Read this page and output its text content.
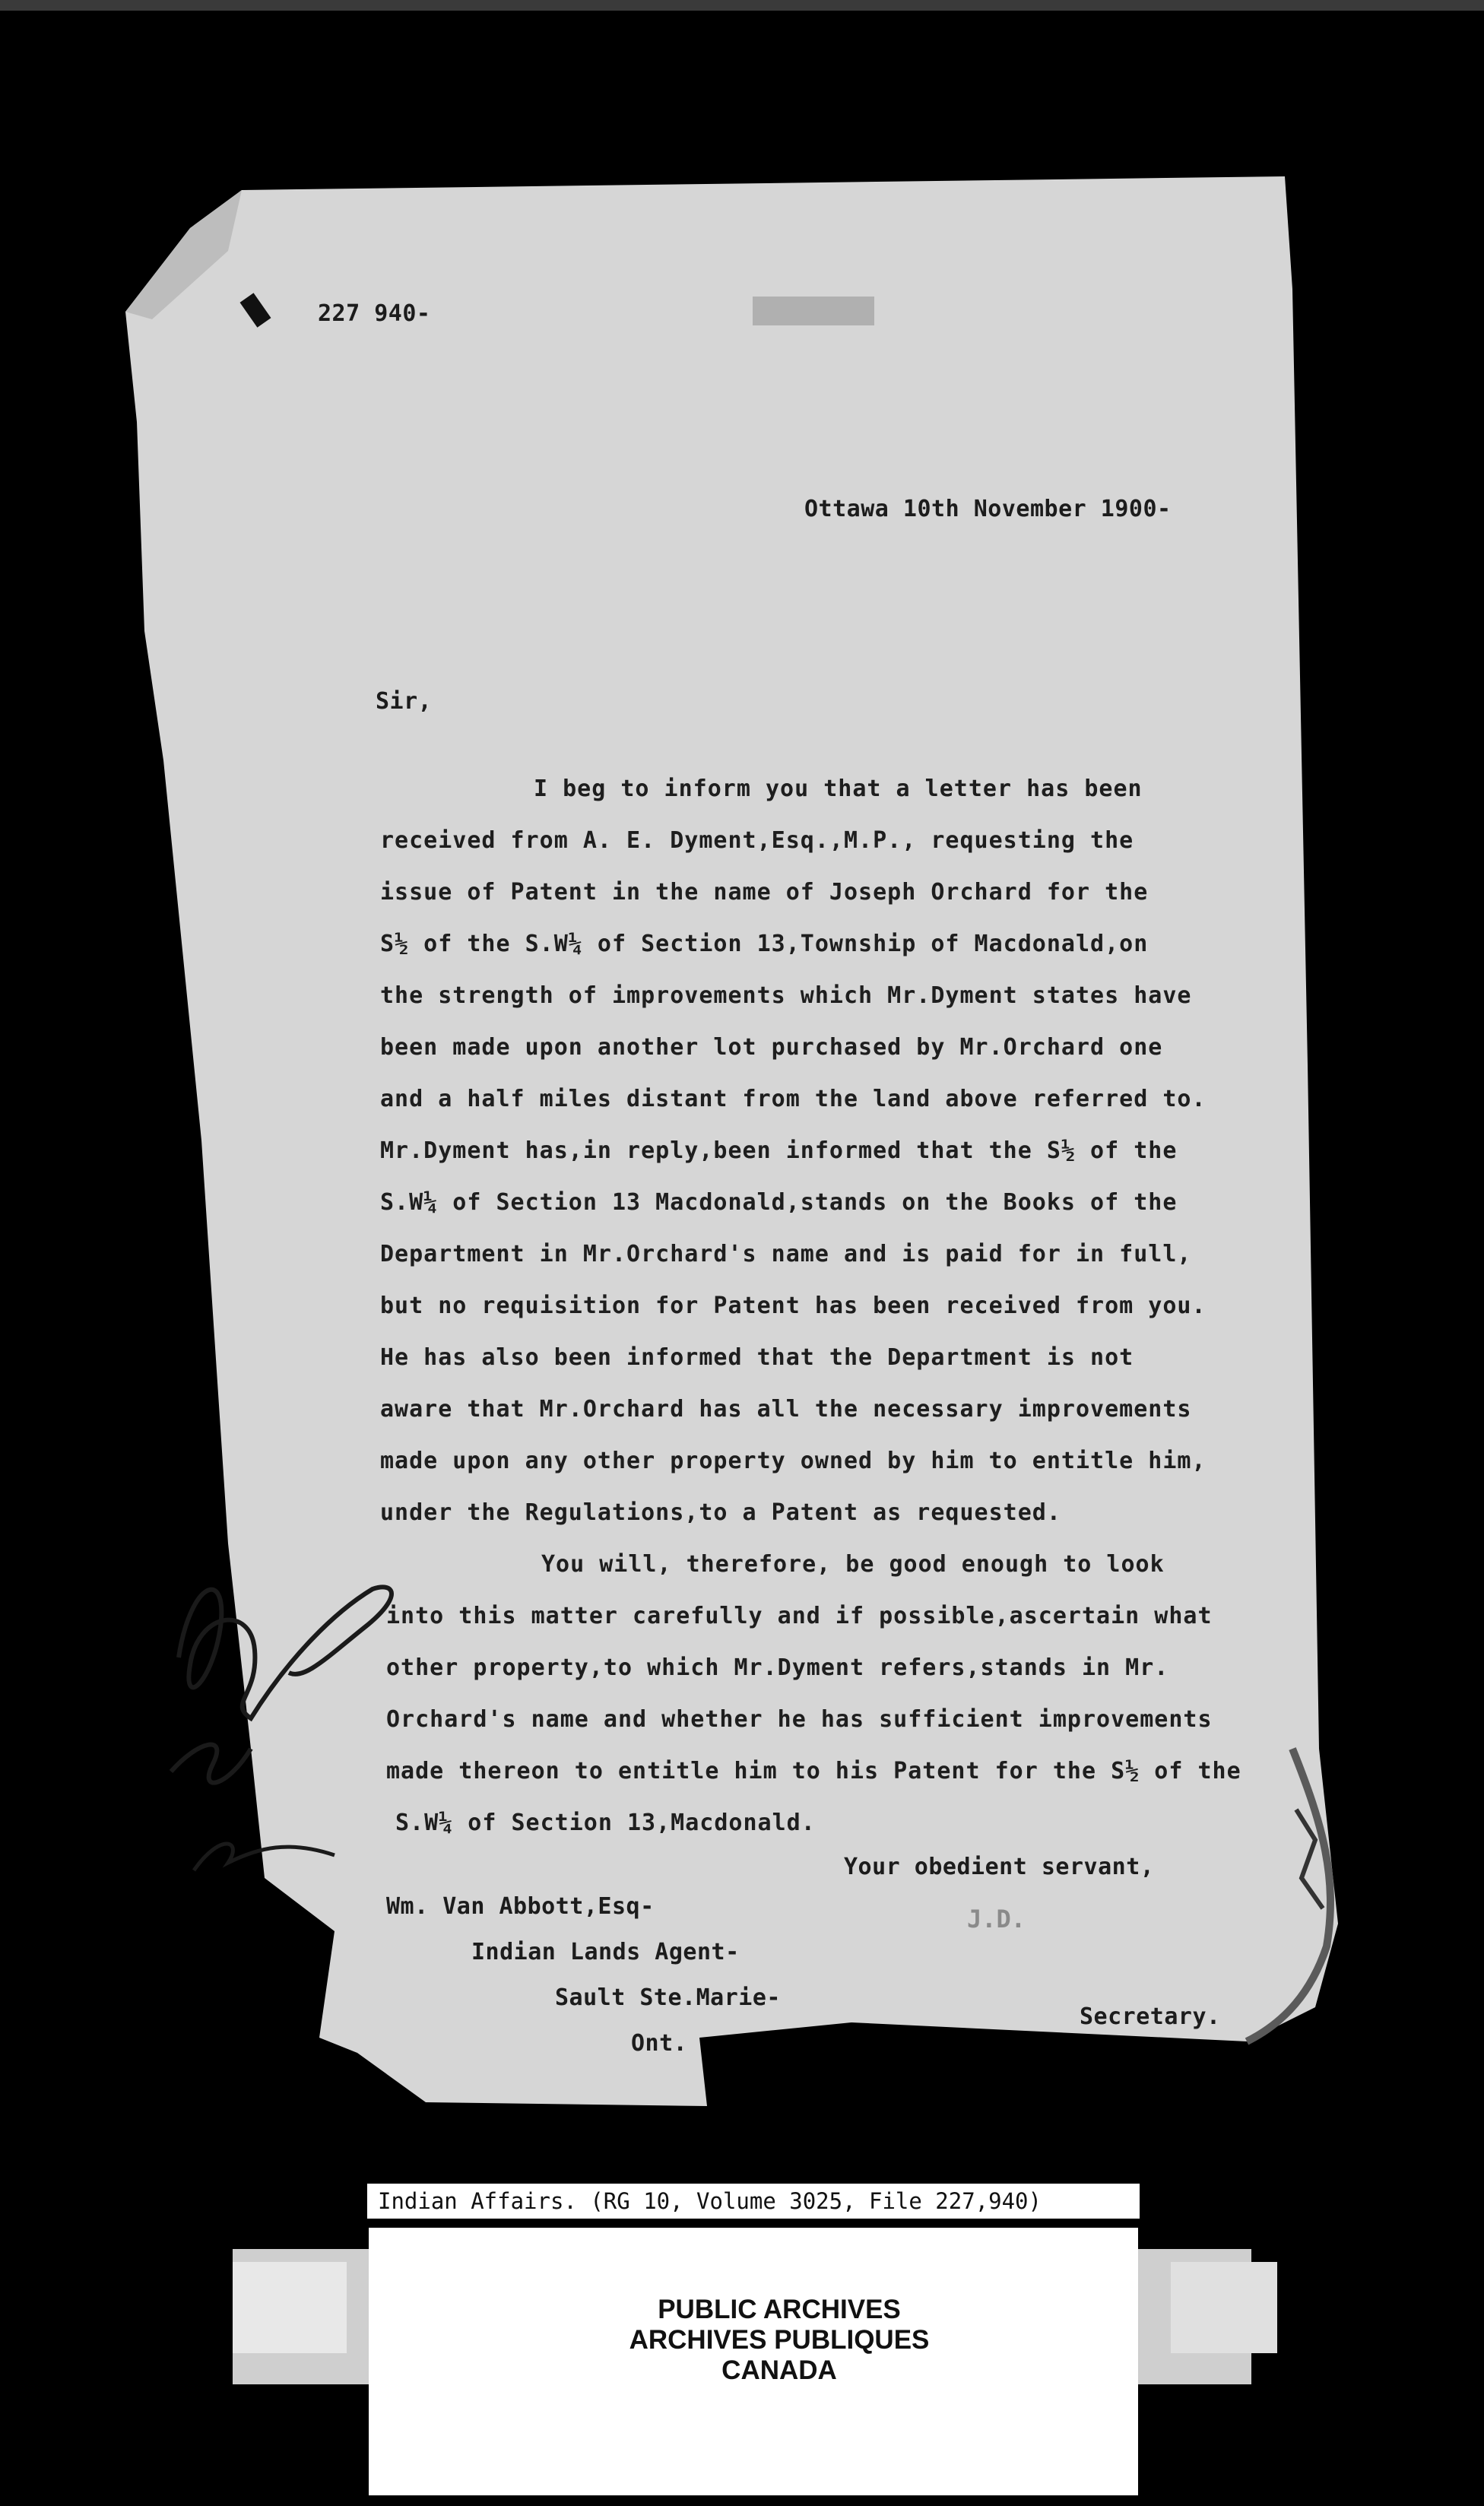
227 940-
Ottawa 10th November 1900-
Sir,
I beg to inform you that a letter has been
received from A. E. Dyment,Esq.,M.P., requesting the
issue of Patent in the name of Joseph Orchard for the
S½ of the S.W¼ of Section 13,Township of Macdonald,on
the strength of improvements which Mr.Dyment states have
been made upon another lot purchased by Mr.Orchard one
and a half miles distant from the land above referred to.
Mr.Dyment has,in reply,been informed that the S½ of the
S.W¼ of Section 13 Macdonald,stands on the Books of the
Department in Mr.Orchard's name and is paid for in full,
but no requisition for Patent has been received from you.
He has also been informed that the Department is not
aware that Mr.Orchard has all the necessary improvements
made upon any other property owned by him to entitle him,
under the Regulations,to a Patent as requested.
You will, therefore, be good enough to look
into this matter carefully and if possible,ascertain what
other property,to which Mr.Dyment refers,stands in Mr.
Orchard's name and whether he has sufficient improvements
made thereon to entitle him to his Patent for the S½ of the
S.W¼ of Section 13,Macdonald.
Your obedient servant,
J.D.
Secretary.
Wm. Van Abbott,Esq-
Indian Lands Agent-
Sault Ste.Marie-
Ont.
Indian Affairs. (RG 10, Volume 3025, File 227,940)
PUBLIC ARCHIVES
ARCHIVES PUBLIQUES
CANADA
